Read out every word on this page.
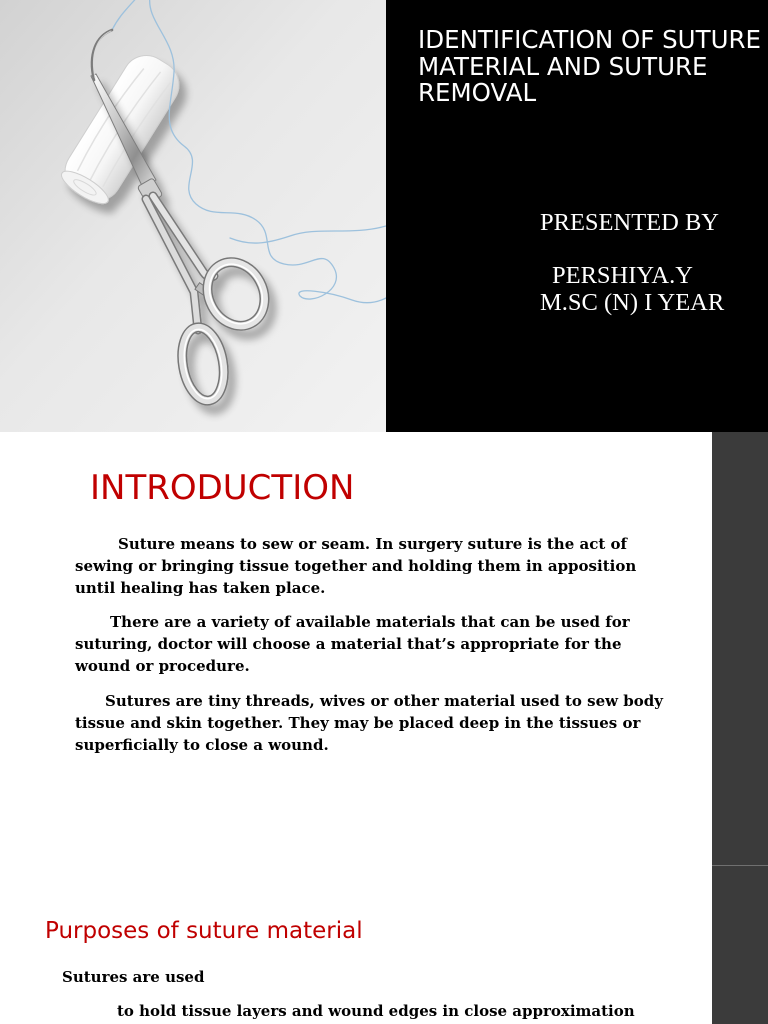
IDENTIFICATION OF SUTURE
MATERIAL AND SUTURE
REMOVAL
PRESENTED BY
PERSHIYA.Y
M.SC (N) I YEAR
INTRODUCTION
Suture means to sew or seam. In surgery suture is the act of
sewing or bringing tissue together and holding them in apposition
until healing has taken place.
There are a variety of available materials that can be used for
suturing, doctor will choose a material that’s appropriate for the
wound or procedure.
Sutures are tiny threads, wives or other material used to sew body
tissue and skin together. They may be placed deep in the tissues or
superficially to close a wound.
Purposes of suture material
Sutures are used
to hold tissue layers and wound edges in close approximation
